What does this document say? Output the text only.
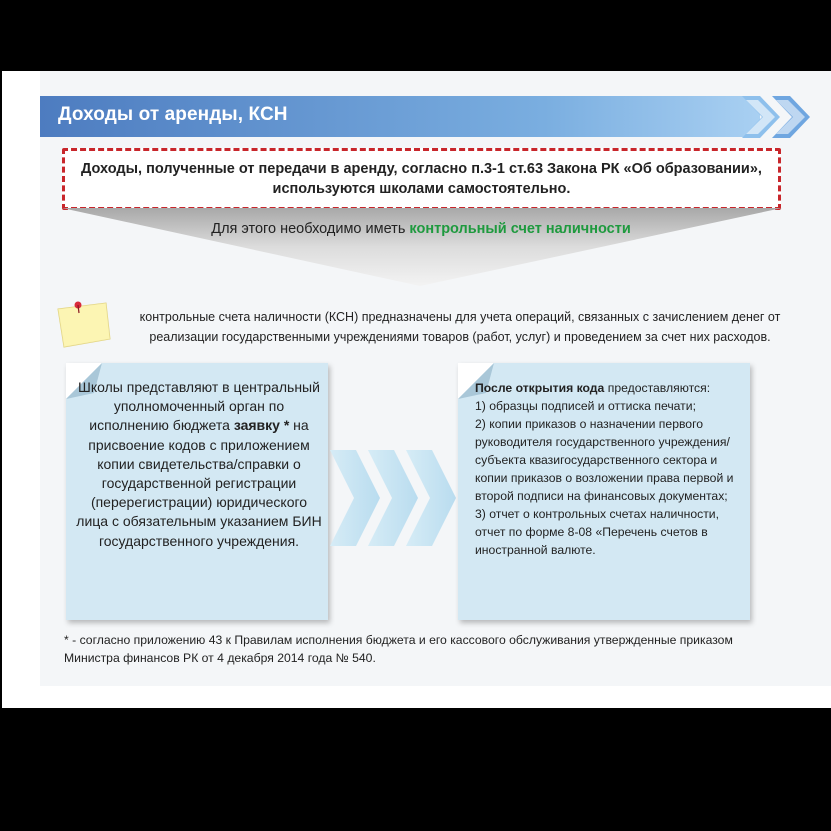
Доходы от аренды, КСН
Доходы, полученные от передачи в аренду, согласно п.3-1 ст.63 Закона РК «Об образовании», используются школами самостоятельно.
Для этого необходимо иметь контрольный счет наличности
контрольные счета наличности (КСН) предназначены для учета операций, связанных с зачислением денег от реализации государственными учреждениями товаров (работ, услуг) и проведением за счет них расходов.
Школы представляют в центральный уполномоченный орган по исполнению бюджета заявку * на присвоение кодов с приложением копии свидетельства/справки о государственной регистрации (перерегистрации) юридического лица с обязательным указанием БИН государственного учреждения.

После открытия кода предоставляются:

1) образцы подписей и оттиска печати;

2) копии приказов о назначении первого руководителя государственного учреждения/субъекта квазигосударственного сектора и копии приказов о возложении права первой и второй подписи на финансовых документах;

3) отчет о контрольных счетах наличности, отчет по форме 8-08 «Перечень счетов в иностранной валюте.

* - согласно приложению 43 к Правилам исполнения бюджета и его кассового обслуживания утвержденные приказом Министра финансов РК от 4 декабря 2014 года № 540.
